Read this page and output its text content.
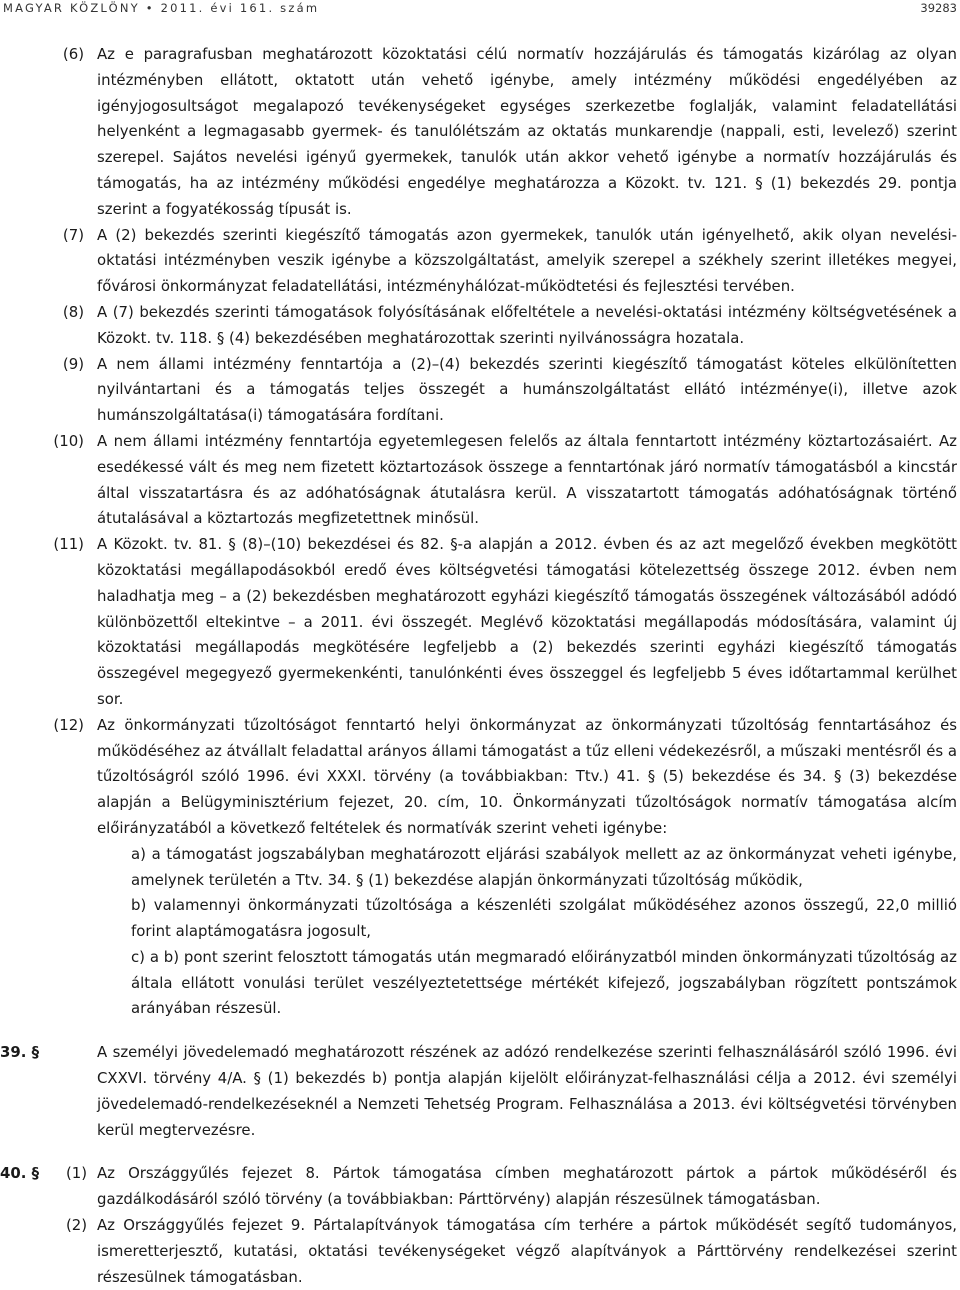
MAGYAR KÖZLÖNY • 2011. évi 161. szám	39283
(6) Az e paragrafusban meghatározott közoktatási célú normatív hozzájárulás és támogatás kizárólag az olyan intézményben ellátott, oktatott után vehető igénybe, amely intézmény működési engedélyében az igényjogosultságot megalapozó tevékenységeket egységes szerkezetbe foglalják, valamint feladatellátási helyenként a legmagasabb gyermek- és tanulólétszám az oktatás munkarendje (nappali, esti, levelező) szerint szerepel. Sajátos nevelési igényű gyermekek, tanulók után akkor vehető igénybe a normatív hozzájárulás és támogatás, ha az intézmény működési engedélye meghatározza a Közokt. tv. 121. § (1) bekezdés 29. pontja szerint a fogyatékosság típusát is.
(7) A (2) bekezdés szerinti kiegészítő támogatás azon gyermekek, tanulók után igényelhető, akik olyan nevelési-oktatási intézményben veszik igénybe a közszolgáltatást, amelyik szerepel a székhely szerint illetékes megyei, fővárosi önkormányzat feladatellátási, intézményhálózat-működtetési és fejlesztési tervében.
(8) A (7) bekezdés szerinti támogatások folyósításának előfeltétele a nevelési-oktatási intézmény költségvetésének a Közokt. tv. 118. § (4) bekezdésében meghatározottak szerinti nyilvánosságra hozatala.
(9) A nem állami intézmény fenntartója a (2)–(4) bekezdés szerinti kiegészítő támogatást köteles elkülönítetten nyilvántartani és a támogatás teljes összegét a humánszolgáltatást ellátó intézménye(i), illetve azok humánszolgáltatása(i) támogatására fordítani.
(10) A nem állami intézmény fenntartója egyetemlegesen felelős az általa fenntartott intézmény köztartozásaiért. Az esedékessé vált és meg nem fizetett köztartozások összege a fenntartónak járó normatív támogatásból a kincstár által visszatartásra és az adóhatóságnak átutalásra kerül. A visszatartott támogatás adóhatóságnak történő átutalásával a köztartozás megfizetettnek minősül.
(11) A Közokt. tv. 81. § (8)–(10) bekezdései és 82. §-a alapján a 2012. évben és az azt megelőző években megkötött közoktatási megállapodásokból eredő éves költségvetési támogatási kötelezettség összege 2012. évben nem haladhatja meg – a (2) bekezdésben meghatározott egyházi kiegészítő támogatás összegének változásából adódó különbözettől eltekintve – a 2011. évi összegét. Meglévő közoktatási megállapodás módosítására, valamint új közoktatási megállapodás megkötésére legfeljebb a (2) bekezdés szerinti egyházi kiegészítő támogatás összegével megegyező gyermekenkénti, tanulónkénti éves összeggel és legfeljebb 5 éves időtartammal kerülhet sor.
(12) Az önkormányzati tűzoltóságot fenntartó helyi önkormányzat az önkormányzati tűzoltóság fenntartásához és működéséhez az átvállalt feladattal arányos állami támogatást a tűz elleni védekezésről, a műszaki mentésről és a tűzoltóságról szóló 1996. évi XXXI. törvény (a továbbiakban: Ttv.) 41. § (5) bekezdése és 34. § (3) bekezdése alapján a Belügyminisztérium fejezet, 20. cím, 10. Önkormányzati tűzoltóságok normatív támogatása alcím előirányzatából a következő feltételek és normatívák szerint veheti igénybe:
a) a támogatást jogszabályban meghatározott eljárási szabályok mellett az az önkormányzat veheti igénybe, amelynek területén a Ttv. 34. § (1) bekezdése alapján önkormányzati tűzoltóság működik,
b) valamennyi önkormányzati tűzoltósága a készenléti szolgálat működéséhez azonos összegű, 22,0 millió forint alaptámogatásra jogosult,
c) a b) pont szerint felosztott támogatás után megmaradó előirányzatból minden önkormányzati tűzoltóság az általa ellátott vonulási terület veszélyeztetettsége mértékét kifejező, jogszabályban rögzített pontszámok arányában részesül.
39. §	A személyi jövedelemadó meghatározott részének az adózó rendelkezése szerinti felhasználásáról szóló 1996. évi CXXVI. törvény 4/A. § (1) bekezdés b) pontja alapján kijelölt előirányzat-felhasználási célja a 2012. évi személyi jövedelemadó-rendelkezéseknél a Nemzeti Tehetség Program. Felhasználása a 2013. évi költségvetési törvényben kerül megtervezésre.
40. § (1) Az Országgyűlés fejezet 8. Pártok támogatása címben meghatározott pártok a pártok működéséről és gazdálkodásáról szóló törvény (a továbbiakban: Párttörvény) alapján részesülnek támogatásban.
(2) Az Országgyűlés fejezet 9. Pártalapítványok támogatása cím terhére a pártok működését segítő tudományos, ismeretterjesztő, kutatási, oktatási tevékenységeket végző alapítványok a Párttörvény rendelkezései szerint részesülnek támogatásban.
